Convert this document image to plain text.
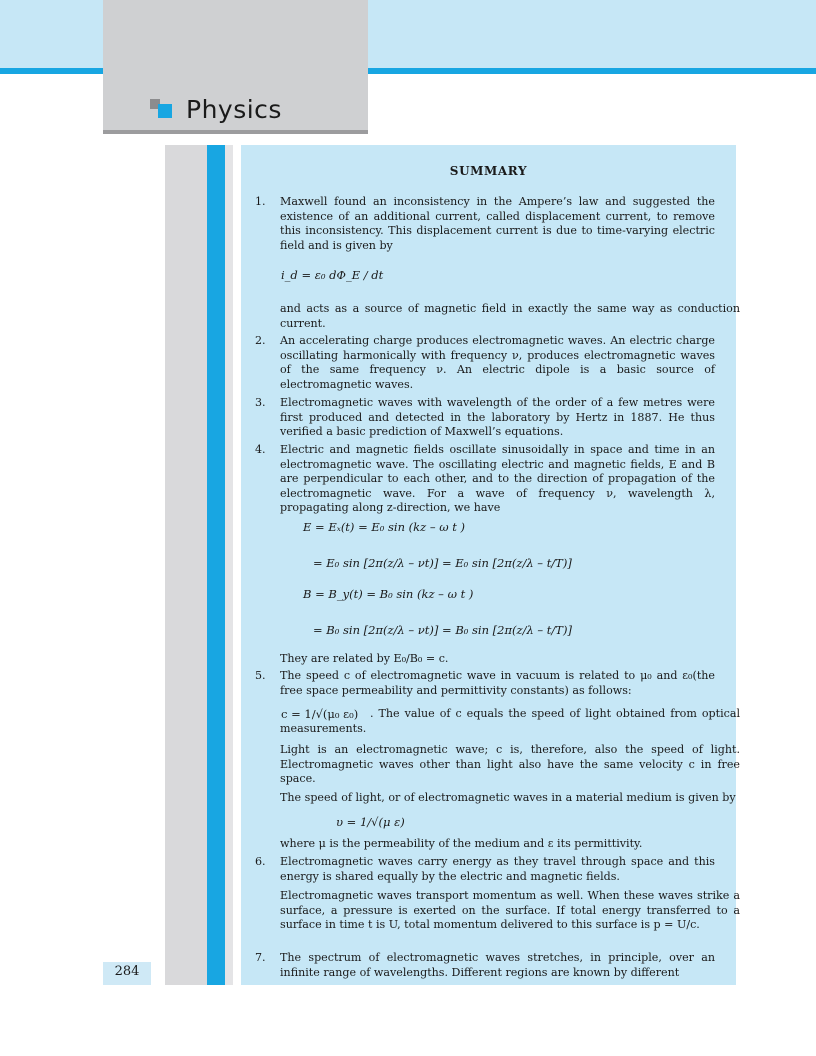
Physics
284
SUMMARY
1.	Maxwell found an inconsistency in the Ampere’s law and suggested the existence of an additional current, called displacement current, to remove this inconsistency. This displacement current is due to time-varying electric field and is given by
i_d = ε₀ dΦ_E / dt
and acts as a source of magnetic field in exactly the same way as conduction current.
2.	An accelerating charge produces electromagnetic waves. An electric charge oscillating harmonically with frequency ν, produces electromagnetic waves of the same frequency ν. An electric dipole is a basic source of electromagnetic waves.
3.	Electromagnetic waves with wavelength of the order of a few metres were first produced and detected in the laboratory by Hertz in 1887. He thus verified a basic prediction of Maxwell’s equations.
4.	Electric and magnetic fields oscillate sinusoidally in space and time in an electromagnetic wave. The oscillating electric and magnetic fields, E and B are perpendicular to each other, and to the direction of propagation of the electromagnetic wave. For a wave of frequency ν, wavelength λ, propagating along z-direction, we have
E = Eₓ(t) = E₀ sin (kz – ω t )
= E₀ sin [2π(z/λ – νt)] = E₀ sin [2π(z/λ – t/T)]
B = B_y(t) = B₀ sin (kz – ω t )
= B₀ sin [2π(z/λ – νt)] = B₀ sin [2π(z/λ – t/T)]
They are related by E₀/B₀ = c.
5.	The speed c of electromagnetic wave in vacuum is related to μ₀ and ε₀(the free space permeability and permittivity constants) as follows:
. The value of c equals the speed of light obtained from optical measurements.
c = 1/√(μ₀ ε₀)
Light is an electromagnetic wave; c is, therefore, also the speed of light. Electromagnetic waves other than light also have the same velocity c in free space.
The speed of light, or of electromagnetic waves in a material medium is given by
υ = 1/√(μ ε)
where μ is the permeability of the medium and ε its permittivity.
6.	Electromagnetic waves carry energy as they travel through space and this energy is shared equally by the electric and magnetic fields.
Electromagnetic waves transport momentum as well. When these waves strike a surface, a pressure is exerted on the surface. If total energy transferred to a surface in time t is U, total momentum delivered to this surface is p = U/c.
7.	The spectrum of electromagnetic waves stretches, in principle, over an infinite range of wavelengths. Different regions are known by different
